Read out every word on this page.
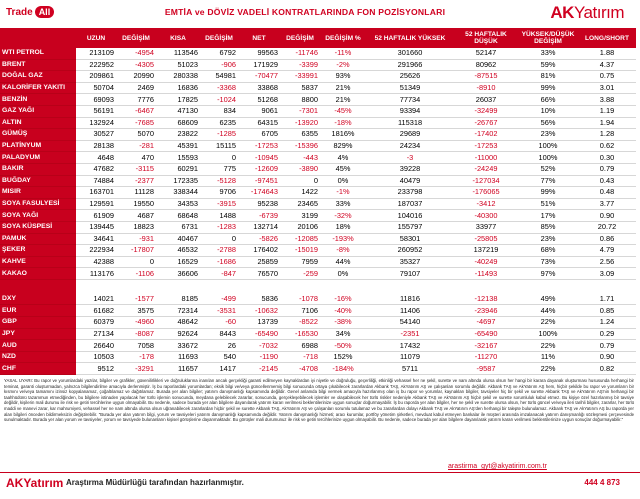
Trade All	EMTİA ve DÖVİZ VADELİ KONTRATLARINDA FON POZİSYONLARI	AKYatırım
	UZUN	DEĞİŞİM	KISA	DEĞİŞİM	NET	DEĞİŞİM	DEĞİŞİM %	52 HAFTALIK YÜKSEK	52 HAFTALIK DÜŞÜK	YÜKSEK/DÜŞÜK DEĞİŞİM	LONG/SHORT
WTI PETROL	213109	-4954	113546	6792	99563	-11746	-11%	301660	52147	33%	1.88
BRENT	222952	-4305	51023	-906	171929	-3399	-2%	291966	80962	59%	4.37
DOĞAL GAZ	209861	20990	280338	54981	-70477	-33991	93%	25626	-87515	81%	0.75
KALORİFER YAKITI	50704	2469	16836	-3368	33868	5837	21%	51349	-8910	99%	3.01
BENZİN	69093	7776	17825	-1024	51268	8800	21%	77734	26037	66%	3.88
GAZ YAĞI	56191	-6467	47130	834	9061	-7301	-45%	93394	-32499	10%	1.19
ALTIN	132924	-7685	68609	6235	64315	-13920	-18%	115318	-26767	56%	1.94
GÜMÜŞ	30527	5070	23822	-1285	6705	6355	1816%	29689	-17402	23%	1.28
PLATİNYUM	28138	-281	45391	15115	-17253	-15396	829%	24234	-17253	100%	0.62
PALADYUM	4648	470	15593	0	-10945	-443	4%	-3	-11000	100%	0.30
BAKIR	47682	-3115	60291	775	-12609	-3890	45%	39228	-24249	52%	0.79
BUĞDAY	74884	-2377	172335	-5128	-97451	0	0%	40479	-127034	77%	0.43
MISIR	163701	11128	338344	9706	-174643	1422	-1%	233798	-176065	99%	0.48
SOYA FASULYESİ	129591	19550	34353	-3915	95238	23465	33%	187037	-3412	51%	3.77
SOYA YAĞI	61909	4687	68648	1488	-6739	3199	-32%	104016	-40300	17%	0.90
SOYA KÜSPESİ	139445	18823	6731	-1283	132714	20106	18%	155797	33977	85%	20.72
PAMUK	34641	-931	40467	0	-5826	-12085	-193%	58301	-25805	23%	0.86
ŞEKER	222934	-17807	46532	-2788	176402	-15019	-8%	260952	137219	68%	4.79
KAHVE	42388	0	16529	-1686	25859	7959	44%	35327	-40249	73%	2.56
KAKAO	113176	-1106	36606	-847	76570	-259	0%	79107	-11493	97%	3.09

DXY	14021	-1577	8185	-499	5836	-1078	-16%	11816	-12138	49%	1.71
EUR	61682	3575	72314	-3531	-10632	7106	-40%	11406	-23946	44%	0.85
GBP	60379	-4960	48642	-60	13739	-8522	-38%	54140	-4697	22%	1.24
JPY	27134	-8087	92624	8443	-65490	-16530	34%	-2351	-65490	100%	0.29
AUD	26640	7058	33672	26	-7032	6988	-50%	17432	-32167	22%	0.79
NZD	10503	-178	11693	540	-1190	-718	152%	11079	-11270	11%	0.90
CHF	9512	-3291	11657	1417	-2145	-4708	-184%	5711	-9587	22%	0.82
YASAL UYARI: Bu rapor ve yorumlardaki yazılar, bilgiler ve grafikler, güvenilirlikleri ve doğruluklarına inanılan ancak gerçekliği garanti edilmeyen kaynaklardan iyi niyetle ve doğruluğu, geçerliliği, etkinliği vehassel her ne şekil, surette ve nam altında olursa olsun her hangi bir karara dayanak oluşturması hususunda herhangi bir teminat, garanti oluşturmadan, yalnızca bilgilendirilme amacıyla derlenmiştir. İş bu raporlardaki yorumlardan; eksik bilgi ve/veya güncellenmemiş bilgi sonucunda ortaya çıkabilecek zararlardan Akbank TAŞ, AkYatırım AŞ ve çalışanları sorumlu değildir. Akbank TAŞ ve AkYatırım AŞ hem, hiçbir şekilde bu rapor ve yorumların bir kısmını ve/veya tamamını izinsiz kopyalanamaz, çoğaltılamaz ve dağıtılamaz. Burada yer alan bilgiler; yatırım danışmanlığı kapsamında değildir. Genel anlamda bilgi vermek amacıyla hazırlanmış olan iş bu rapor ve yorumlar, kaynakları bilgiler, tavsiyeler hiç bir şekil ve surette Akbank TAŞ ve AkYatırım AŞ'nin herhangi bir taahhüdünü tazammun etmediğinden, bu bilgilere istinaden yapılacak her türlü işlemin sonucunda, meydana gelebilecek zararlar, sonucunda, gerçekleşebilecek işlemler ve olaşabilecek her türlü riskler nedeniyle Akbank TAŞ ve AkYatırım AŞ hiçbir şekil ve surette sorumluluk kabul etmez. Bu kişiye özel hazırlanmış bir tavsiye değildir, kişilerin mali durumu ile risk ve getiri tercihlerine uygun olmayabilir. Bu nedenle, sadece burada yer alan bilgilere dayanılarak yatırım kararı verilmesi beklentilerinize uygun sonuçlar doğurmayabilir. İş bu raporda yer alan bilgiler, her ne şekil ve surette olursa olsun, her türlü güncel ve/veya ileri tarihli bilgiler, zararlar, her türlü maddi ve manevi zarar, kar mahrumiyeti, vehassel her ne nam altında olursa olsun uğranabilecek zararlardan hiçbir şekil ve surette Akbank TAŞ, AkYatırım AŞ ve çalışanları sorumlu tutulamaz ve bu zararlardan dolayı Akbank TAŞ ve AkYatırım AŞ'den herhangi bir talepte bulunulamaz. Akbank TAŞ ve AkYatırım AŞ bu raporda yer alan bilgileri önceden bildirmeksizin değiştirebilir. "Burada yer alan yatırım bilgi, yorum ve tavsiyeleri yatırım danışmanlığı kapsamında değildir. Yatırım danışmanlığı hizmeti; aracı kurumlar, portföy yönetim şirketleri, mevduat kabul etmeyen bankalar ile müşteri arasında imzalanacak yatırım danışmanlığı sözleşmesi çerçevesinde sunulmaktadır. Burada yer alan yorum ve tavsiyeler, yorum ve tavsiyede bulunanların kişisel görüşlerine dayanmaktadır. Bu görüşler mali durumunuz ile risk ve getiri tercihlerinize uygun olmayabilir. Bu nedenle, sadece burada yer alan bilgilere dayanılarak yatırım kararı verilmesi beklentilerinize uygun sonuçlar doğurmayabilir."
arastirma_gyt@akyatirim.com.tr
AKYatırım Araştırma Müdürlüğü tarafından hazırlanmıştır.	444 4 873
